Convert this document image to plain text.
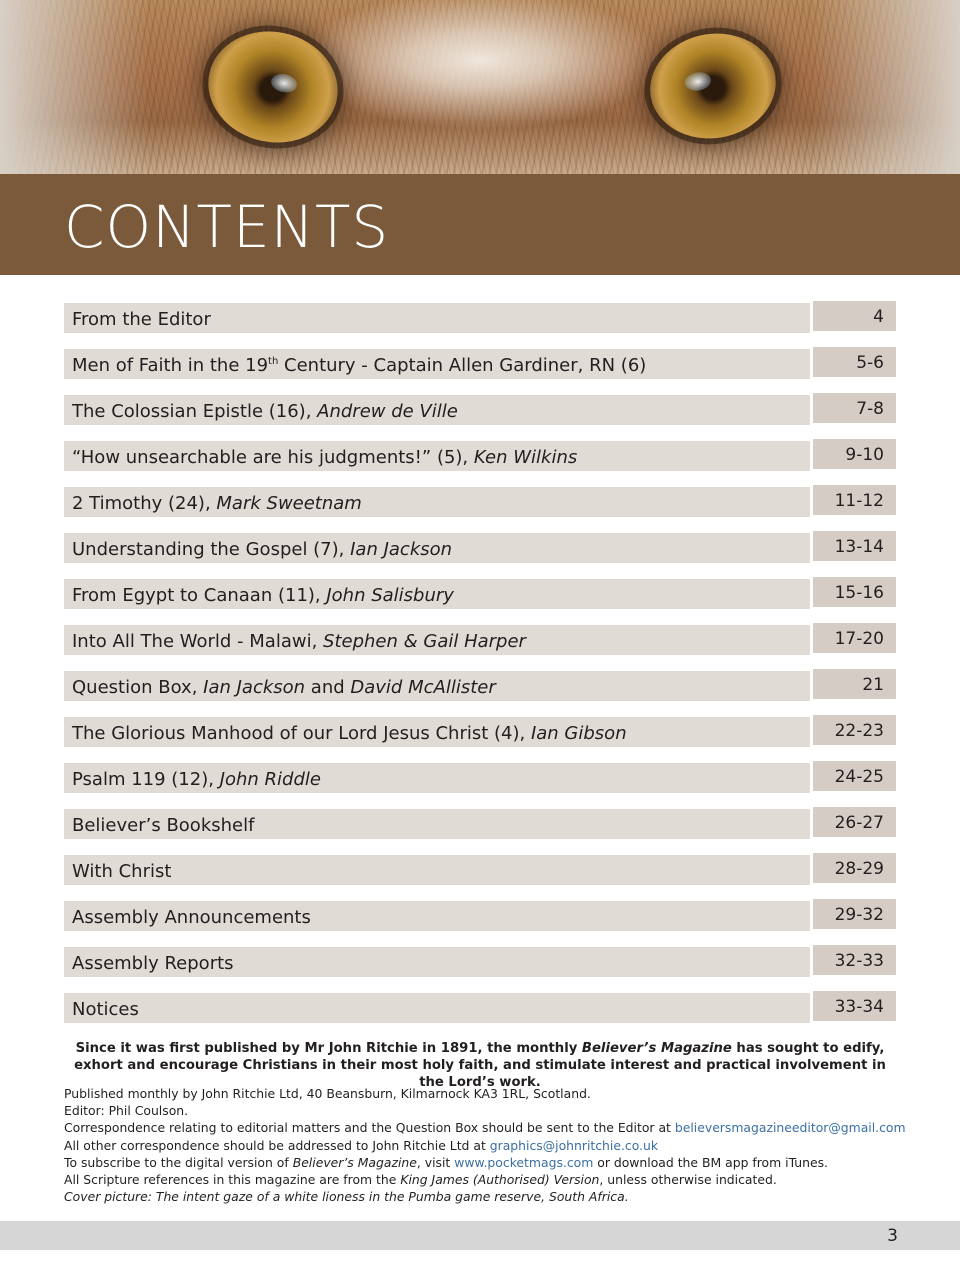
CONTENTS
From the Editor	4
Men of Faith in the 19th Century - Captain Allen Gardiner, RN (6)	5-6
The Colossian Epistle (16), Andrew de Ville	7-8
“How unsearchable are his judgments!” (5), Ken Wilkins	9-10
2 Timothy (24), Mark Sweetnam	11-12
Understanding the Gospel (7), Ian Jackson	13-14
From Egypt to Canaan (11), John Salisbury	15-16
Into All The World - Malawi, Stephen & Gail Harper	17-20
Question Box, Ian Jackson and David McAllister	21
The Glorious Manhood of our Lord Jesus Christ (4), Ian Gibson	22-23
Psalm 119 (12), John Riddle	24-25
Believer’s Bookshelf	26-27
With Christ	28-29
Assembly Announcements	29-32
Assembly Reports	32-33
Notices	33-34
Since it was first published by Mr John Ritchie in 1891, the monthly Believer’s Magazine has sought to edify, exhort and encourage Christians in their most holy faith, and stimulate interest and practical involvement in the Lord’s work.
Published monthly by John Ritchie Ltd, 40 Beansburn, Kilmarnock KA3 1RL, Scotland.
Editor: Phil Coulson.
Correspondence relating to editorial matters and the Question Box should be sent to the Editor at believersmagazineeditor@gmail.com
All other correspondence should be addressed to John Ritchie Ltd at graphics@johnritchie.co.uk
To subscribe to the digital version of Believer’s Magazine, visit www.pocketmags.com or download the BM app from iTunes.
All Scripture references in this magazine are from the King James (Authorised) Version, unless otherwise indicated.
Cover picture: The intent gaze of a white lioness in the Pumba game reserve, South Africa.
3
